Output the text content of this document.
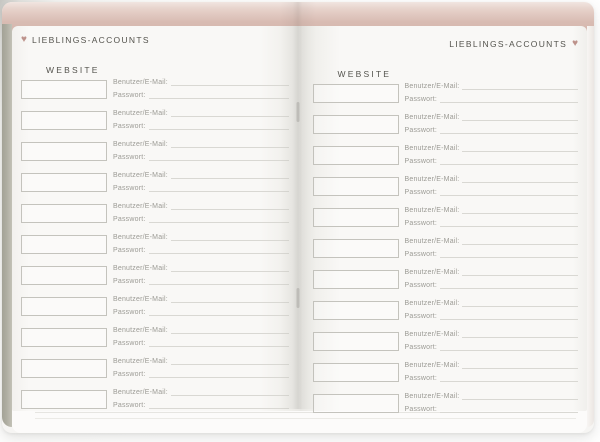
♥ LIEBLINGS-ACCOUNTS
WEBSITE
Benutzer/E-Mail:
Passwort:
Benutzer/E-Mail:
Passwort:
Benutzer/E-Mail:
Passwort:
Benutzer/E-Mail:
Passwort:
Benutzer/E-Mail:
Passwort:
Benutzer/E-Mail:
Passwort:
Benutzer/E-Mail:
Passwort:
Benutzer/E-Mail:
Passwort:
Benutzer/E-Mail:
Passwort:
Benutzer/E-Mail:
Passwort:
Benutzer/E-Mail:
Passwort:
LIEBLINGS-ACCOUNTS ♥
WEBSITE
Benutzer/E-Mail:
Passwort:
Benutzer/E-Mail:
Passwort:
Benutzer/E-Mail:
Passwort:
Benutzer/E-Mail:
Passwort:
Benutzer/E-Mail:
Passwort:
Benutzer/E-Mail:
Passwort:
Benutzer/E-Mail:
Passwort:
Benutzer/E-Mail:
Passwort:
Benutzer/E-Mail:
Passwort:
Benutzer/E-Mail:
Passwort:
Benutzer/E-Mail:
Passwort:
